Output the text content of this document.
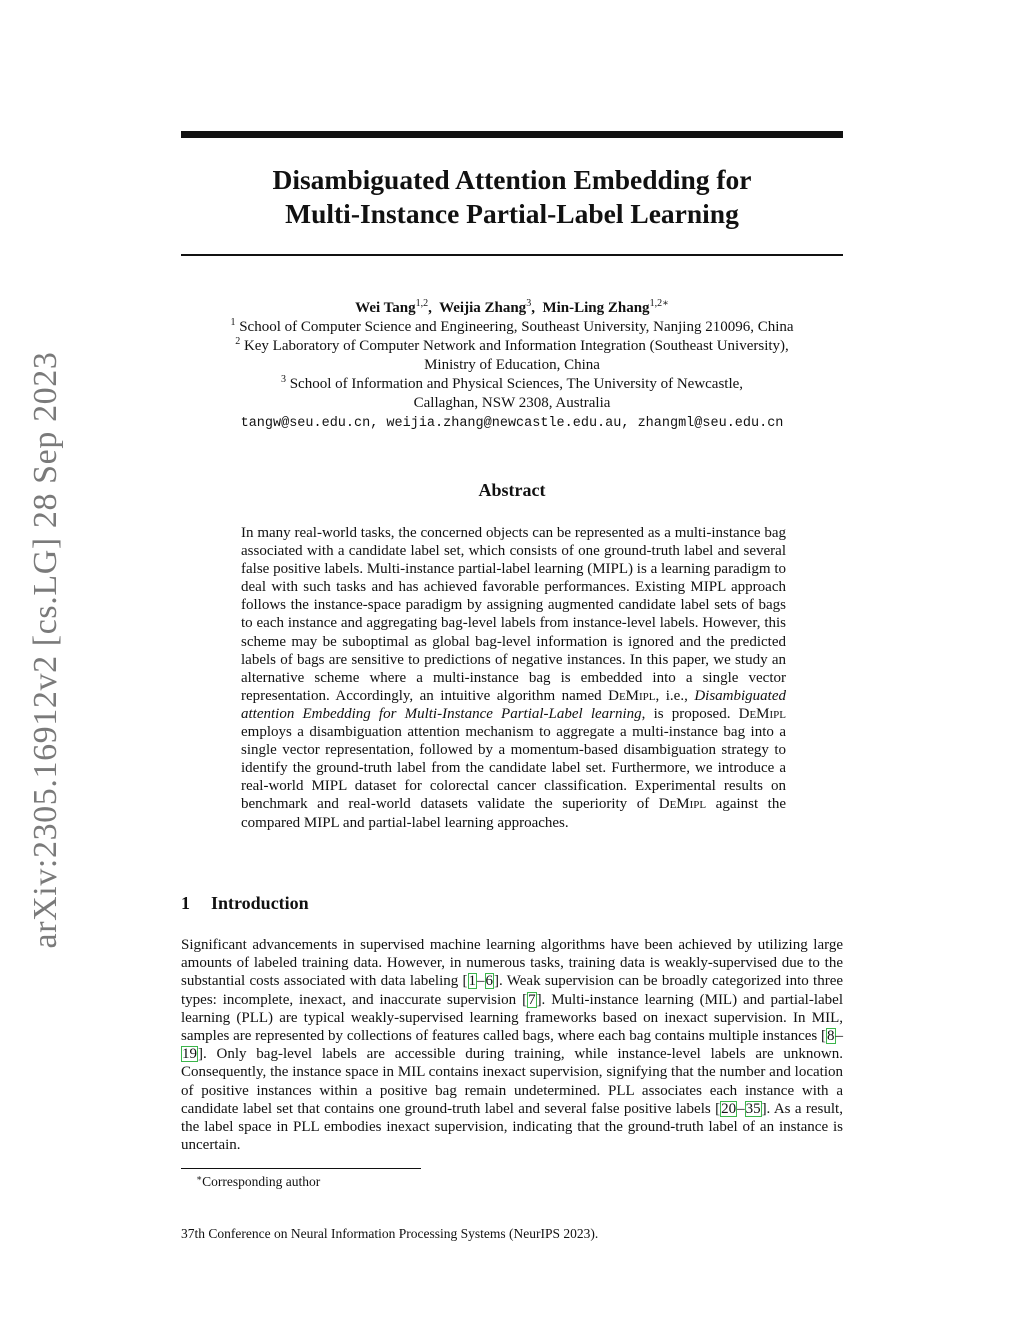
arXiv:2305.16912v2 [cs.LG] 28 Sep 2023
Disambiguated Attention Embedding for
Multi-Instance Partial-Label Learning
Wei Tang$^{1,2}$,  Weijia Zhang$^3$,  Min-Ling Zhang$^{1,2∗}$
$^1$ School of Computer Science and Engineering, Southeast University, Nanjing 210096, China
$^2$ Key Laboratory of Computer Network and Information Integration (Southeast University),
Ministry of Education, China
$^3$ School of Information and Physical Sciences, The University of Newcastle,
Callaghan, NSW 2308, Australia
tangw@seu.edu.cn, weijia.zhang@newcastle.edu.au, zhangml@seu.edu.cn
Abstract
In many real-world tasks, the concerned objects can be represented as a multi-instance bag associated with a candidate label set, which consists of one ground-truth label and several false positive labels. Multi-instance partial-label learning (MIPL) is a learning paradigm to deal with such tasks and has achieved favorable performances. Existing MIPL approach follows the instance-space paradigm by assigning augmented candidate label sets of bags to each instance and aggregating bag-level labels from instance-level labels. However, this scheme may be suboptimal as global bag-level information is ignored and the predicted labels of bags are sensitive to predictions of negative instances. In this paper, we study an alternative scheme where a multi-instance bag is embedded into a single vector representation. Accordingly, an intuitive algorithm named DeMipl, i.e., Disambiguated attention Embedding for Multi-Instance Partial-Label learning, is proposed. DeMipl employs a disambiguation attention mechanism to aggregate a multi-instance bag into a single vector representation, followed by a momentum-based disambiguation strategy to identify the ground-truth label from the candidate label set. Furthermore, we introduce a real-world MIPL dataset for colorectal cancer classification. Experimental results on benchmark and real-world datasets validate the superiority of DeMipl against the compared MIPL and partial-label learning approaches.
1 Introduction
Significant advancements in supervised machine learning algorithms have been achieved by utilizing large amounts of labeled training data. However, in numerous tasks, training data is weakly-supervised due to the substantial costs associated with data labeling [1–6]. Weak supervision can be broadly categorized into three types: incomplete, inexact, and inaccurate supervision [7]. Multi-instance learning (MIL) and partial-label learning (PLL) are typical weakly-supervised learning frameworks based on inexact supervision. In MIL, samples are represented by collections of features called bags, where each bag contains multiple instances [8–19]. Only bag-level labels are accessible during training, while instance-level labels are unknown. Consequently, the instance space in MIL contains inexact supervision, signifying that the number and location of positive instances within a positive bag remain undetermined. PLL associates each instance with a candidate label set that contains one ground-truth label and several false positive labels [20–35]. As a result, the label space in PLL embodies inexact supervision, indicating that the ground-truth label of an instance is uncertain.
∗Corresponding author
37th Conference on Neural Information Processing Systems (NeurIPS 2023).
